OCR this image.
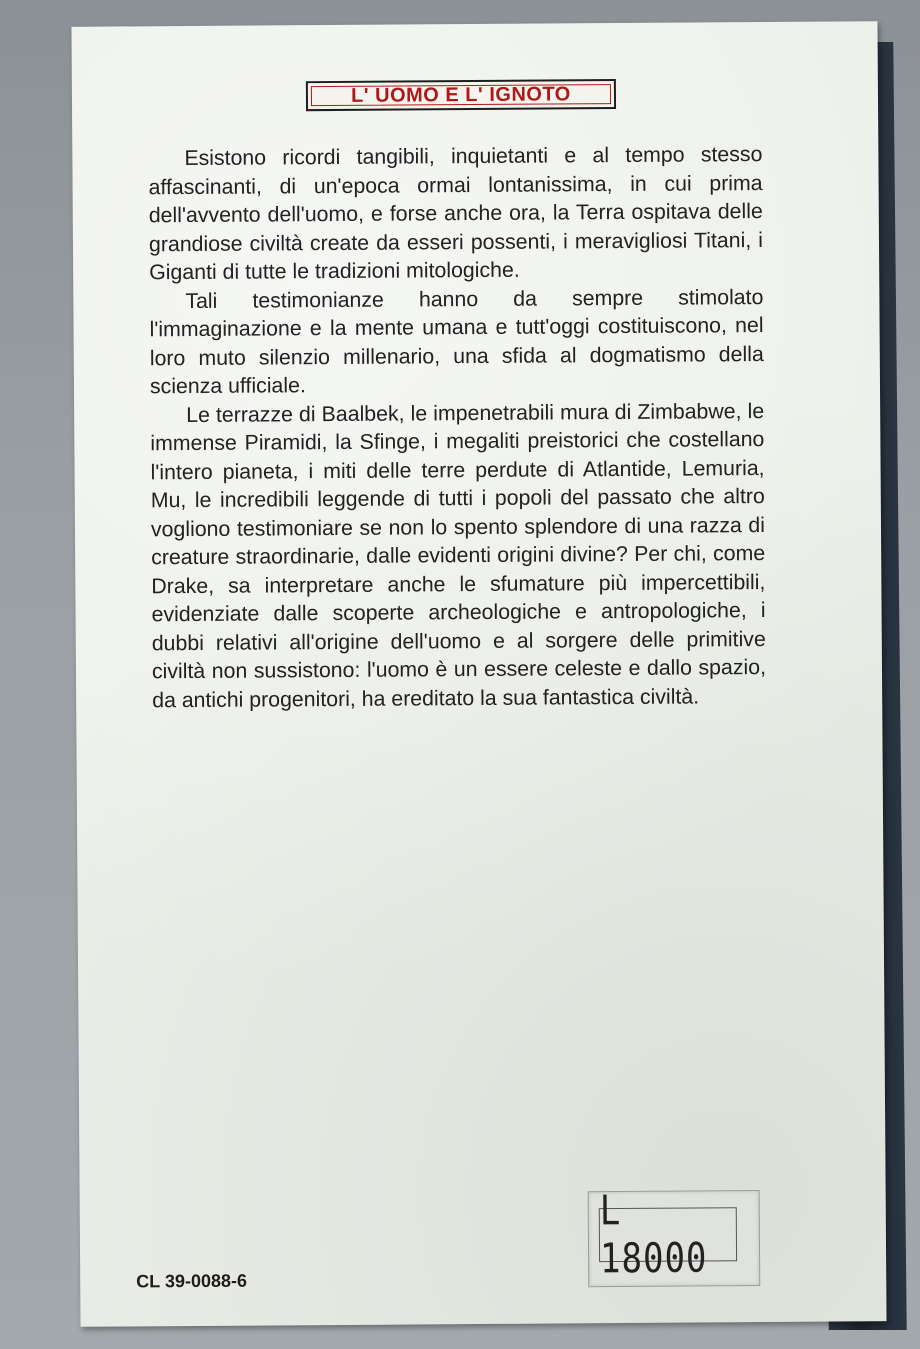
L' UOMO E L' IGNOTO

Esistono ricordi tangibili, inquietanti e al tempo stesso affascinanti, di un'epoca ormai lontanissima, in cui prima dell'avvento dell'uomo, e forse anche ora, la Terra ospitava delle grandiose civiltà create da esseri possenti, i meravigliosi Titani, i Giganti di tutte le tradizioni mitologiche.

Tali testimonianze hanno da sempre stimolato l'immaginazione e la mente umana e tutt'oggi costituiscono, nel loro muto silenzio millenario, una sfida al dogmatismo della scienza ufficiale.

Le terrazze di Baalbek, le impenetrabili mura di Zimbabwe, le immense Piramidi, la Sfinge, i megaliti preistorici che costellano l'intero pianeta, i miti delle terre perdute di Atlantide, Lemuria, Mu, le incredibili leggende di tutti i popoli del passato che altro vogliono testimoniare se non lo spento splendore di una razza di creature straordinarie, dalle evidenti origini divine? Per chi, come Drake, sa interpretare anche le sfumature più impercettibili, evidenziate dalle scoperte archeologiche e antropologiche, i dubbi relativi all'origine dell'uomo e al sorgere delle primitive civiltà non sussistono: l'uomo è un essere celeste e dallo spazio, da antichi progenitori, ha ereditato la sua fantastica civiltà.

L 18000
CL 39-0088-6
